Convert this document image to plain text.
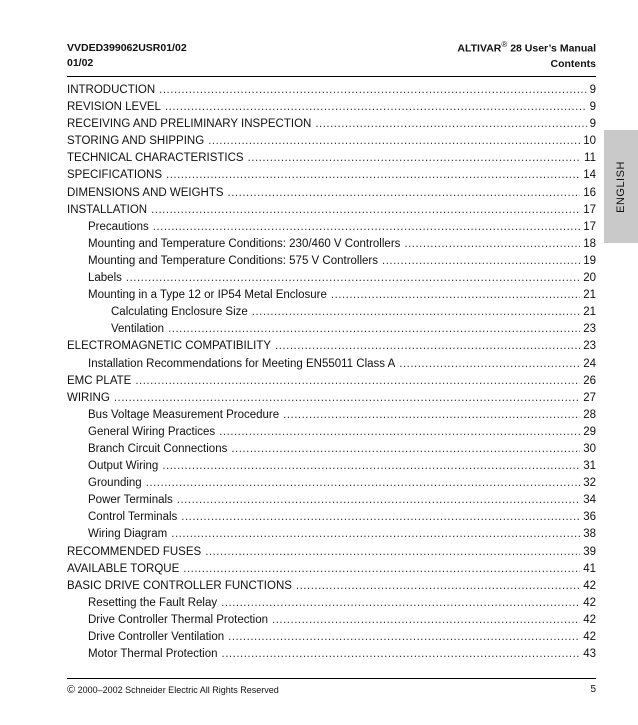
VVDED399062USR01/02
01/02
ALTIVAR® 28 User’s Manual
Contents
ENGLISH
INTRODUCTION .....	9
REVISION LEVEL .....	9
RECEIVING AND PRELIMINARY INSPECTION .....	9
STORING AND SHIPPING .....	10
TECHNICAL CHARACTERISTICS .....	11
SPECIFICATIONS .....	14
DIMENSIONS AND WEIGHTS .....	16
INSTALLATION .....	17
Precautions .....	17
Mounting and Temperature Conditions: 230/460 V Controllers .....	18
Mounting and Temperature Conditions: 575 V Controllers .....	19
Labels .....	20
Mounting in a Type 12 or IP54 Metal Enclosure .....	21
Calculating Enclosure Size .....	21
Ventilation .....	23
ELECTROMAGNETIC COMPATIBILITY .....	23
Installation Recommendations for Meeting EN55011 Class A .....	24
EMC PLATE .....	26
WIRING .....	27
Bus Voltage Measurement Procedure .....	28
General Wiring Practices .....	29
Branch Circuit Connections .....	30
Output Wiring .....	31
Grounding .....	32
Power Terminals .....	34
Control Terminals .....	36
Wiring Diagram .....	38
RECOMMENDED FUSES .....	39
AVAILABLE TORQUE .....	41
BASIC DRIVE CONTROLLER FUNCTIONS .....	42
Resetting the Fault Relay .....	42
Drive Controller Thermal Protection .....	42
Drive Controller Ventilation .....	42
Motor Thermal Protection .....	43
© 2000–2002 Schneider Electric All Rights Reserved	5
